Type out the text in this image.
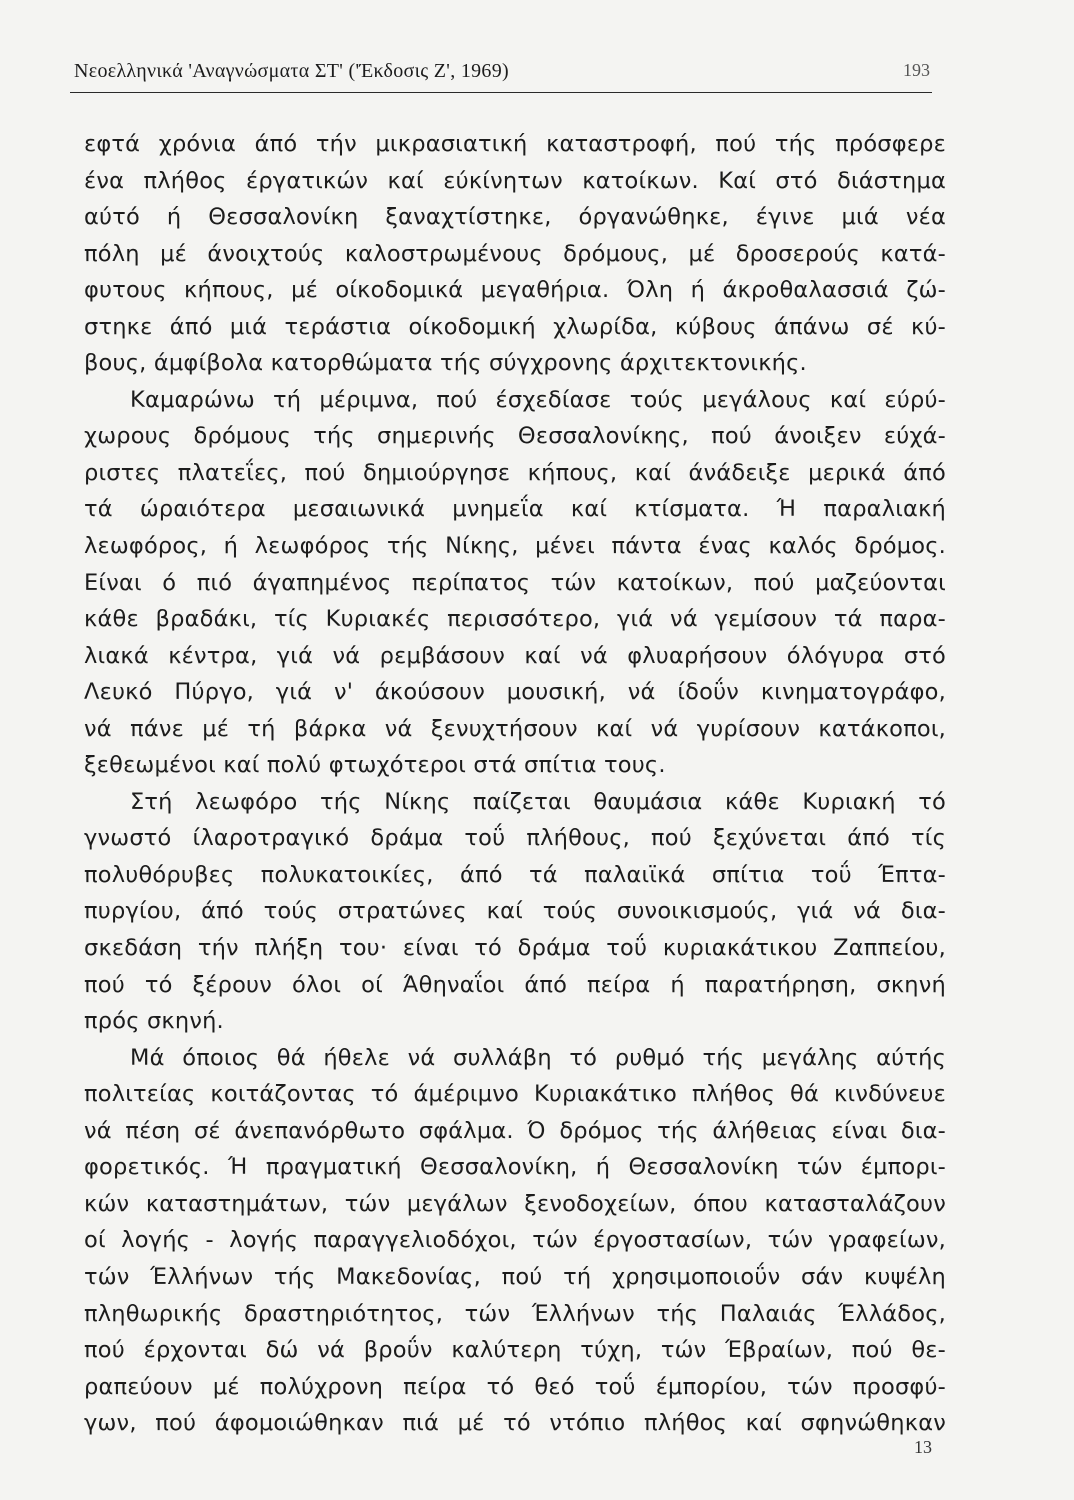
Νεοελληνικά 'Αναγνώσματα ΣΤ' ('Έκδοσις Ζ', 1969)	193
εφτά χρόνια άπό τήν μικρασιατική καταστροφή, πού τής πρόσφερε
ένα πλήθος έργατικών καί εύκίνητων κατοίκων. Καί στό διάστημα
αύτό ή Θεσσαλονίκη ξαναχτίστηκε, όργανώθηκε, έγινε μιά νέα
πόλη μέ άνοιχτούς καλοστρωμένους δρόμους, μέ δροσερούς κατά-
φυτους κήπους, μέ οίκοδομικά μεγαθήρια. Όλη ή άκροθαλασσιά ζώ-
στηκε άπό μιά τεράστια οίκοδομική χλωρίδα, κύβους άπάνω σέ κύ-
βους, άμφίβολα κατορθώματα τής σύγχρονης άρχιτεκτονικής.
Καμαρώνω τή μέριμνα, πού έσχεδίασε τούς μεγάλους καί εύρύ-
χωρους δρόμους τής σημερινής Θεσσαλονίκης, πού άνοιξεν εύχά-
ριστες πλατεΐες, πού δημιούργησε κήπους, καί άνάδειξε μερικά άπό
τά ώραιότερα μεσαιωνικά μνημεΐα καί κτίσματα. Ή παραλιακή
λεωφόρος, ή λεωφόρος τής Νίκης, μένει πάντα ένας καλός δρόμος.
Είναι ό πιό άγαπημένος περίπατος τών κατοίκων, πού μαζεύονται
κάθε βραδάκι, τίς Κυριακές περισσότερο, γιά νά γεμίσουν τά παρα-
λιακά κέντρα, γιά νά ρεμβάσουν καί νά φλυαρήσουν όλόγυρα στό
Λευκό Πύργο, γιά ν' άκούσουν μουσική, νά ίδοΰν κινηματογράφο,
νά πάνε μέ τή βάρκα νά ξενυχτήσουν καί νά γυρίσουν κατάκοποι,
ξεθεωμένοι καί πολύ φτωχότεροι στά σπίτια τους.
Στή λεωφόρο τής Νίκης παίζεται θαυμάσια κάθε Κυριακή τό
γνωστό ίλαροτραγικό δράμα τοΰ πλήθους, πού ξεχύνεται άπό τίς
πολυθόρυβες πολυκατοικίες, άπό τά παλαιϊκά σπίτια τοΰ Έπτα-
πυργίου, άπό τούς στρατώνες καί τούς συνοικισμούς, γιά νά δια-
σκεδάση τήν πλήξη του· είναι τό δράμα τοΰ κυριακάτικου Ζαππείου,
πού τό ξέρουν όλοι οί Άθηναΐοι άπό πείρα ή παρατήρηση, σκηνή
πρός σκηνή.
Μά όποιος θά ήθελε νά συλλάβη τό ρυθμό τής μεγάλης αύτής
πολιτείας κοιτάζοντας τό άμέριμνο Κυριακάτικο πλήθος θά κινδύνευε
νά πέση σέ άνεπανόρθωτο σφάλμα. Ό δρόμος τής άλήθειας είναι δια-
φορετικός. Ή πραγματική Θεσσαλονίκη, ή Θεσσαλονίκη τών έμπορι-
κών καταστημάτων, τών μεγάλων ξενοδοχείων, όπου κατασταλάζουν
οί λογής - λογής παραγγελιοδόχοι, τών έργοστασίων, τών γραφείων,
τών Έλλήνων τής Μακεδονίας, πού τή χρησιμοποιοΰν σάν κυψέλη
πληθωρικής δραστηριότητος, τών Έλλήνων τής Παλαιάς Έλλάδος,
πού έρχονται δώ νά βροΰν καλύτερη τύχη, τών Έβραίων, πού θε-
ραπεύουν μέ πολύχρονη πείρα τό θεό τοΰ έμπορίου, τών προσφύ-
γων, πού άφομοιώθηκαν πιά μέ τό ντόπιο πλήθος καί σφηνώθηκαν
13
